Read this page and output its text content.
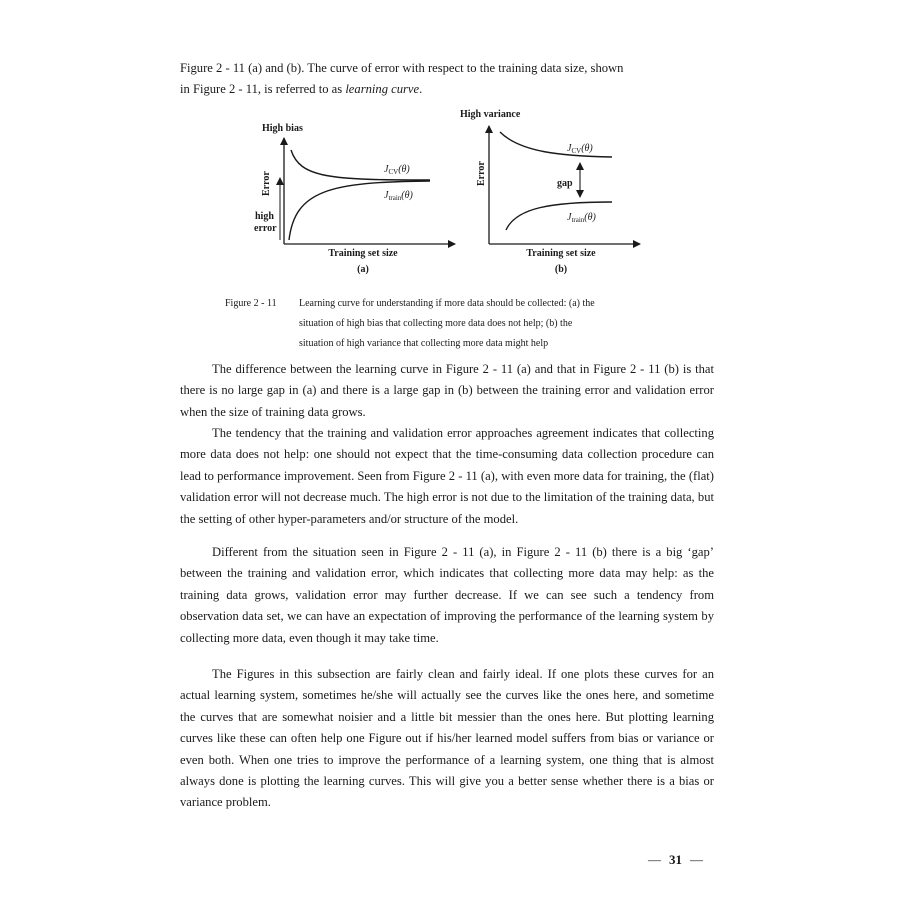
Figure 2 - 11 (a) and (b). The curve of error with respect to the training data size, shown
in Figure 2 - 11, is referred to as learning curve.

High bias
Error
high
error
$J_{CV}(\theta)$
$J_{train}(\theta)$
Training set size
(a)
High variance
Error	gap
$J_{CV}(\theta)$
$J_{train}(\theta)$
Training set size
(b)
Figure 2 - 11	Learning curve for understanding if more data should be collected: (a) the
situation of high bias that collecting more data does not help; (b) the
situation of high variance that collecting more data might help

The difference between the learning curve in Figure 2 - 11 (a) and that in Figure 2 - 11 (b) is that there is no large gap in (a) and there is a large gap in (b) between the training error and validation error when the size of training data grows.

The tendency that the training and validation error approaches agreement indicates that collecting more data does not help: one should not expect that the time-consuming data collection procedure can lead to performance improvement. Seen from Figure 2 - 11 (a), with even more data for training, the (flat) validation error will not decrease much. The high error is not due to the limitation of the training data, but the setting of other hyper-parameters and/or structure of the model.

Different from the situation seen in Figure 2 - 11 (a), in Figure 2 - 11 (b) there is a big ‘gap’ between the training and validation error, which indicates that collecting more data may help: as the training data grows, validation error may further decrease. If we can see such a tendency from observation data set, we can have an expectation of improving the performance of the learning system by collecting more data, even though it may take time.

The Figures in this subsection are fairly clean and fairly ideal. If one plots these curves for an actual learning system, sometimes he/she will actually see the curves like the ones here, and sometime the curves that are somewhat noisier and a little bit messier than the ones here. But plotting learning curves like these can often help one Figure out if his/her learned model suffers from bias or variance or even both. When one tries to improve the performance of a learning system, one thing that is almost always done is plotting the learning curves. This will give you a better sense whether there is a bias or variance problem.

— 31 —
